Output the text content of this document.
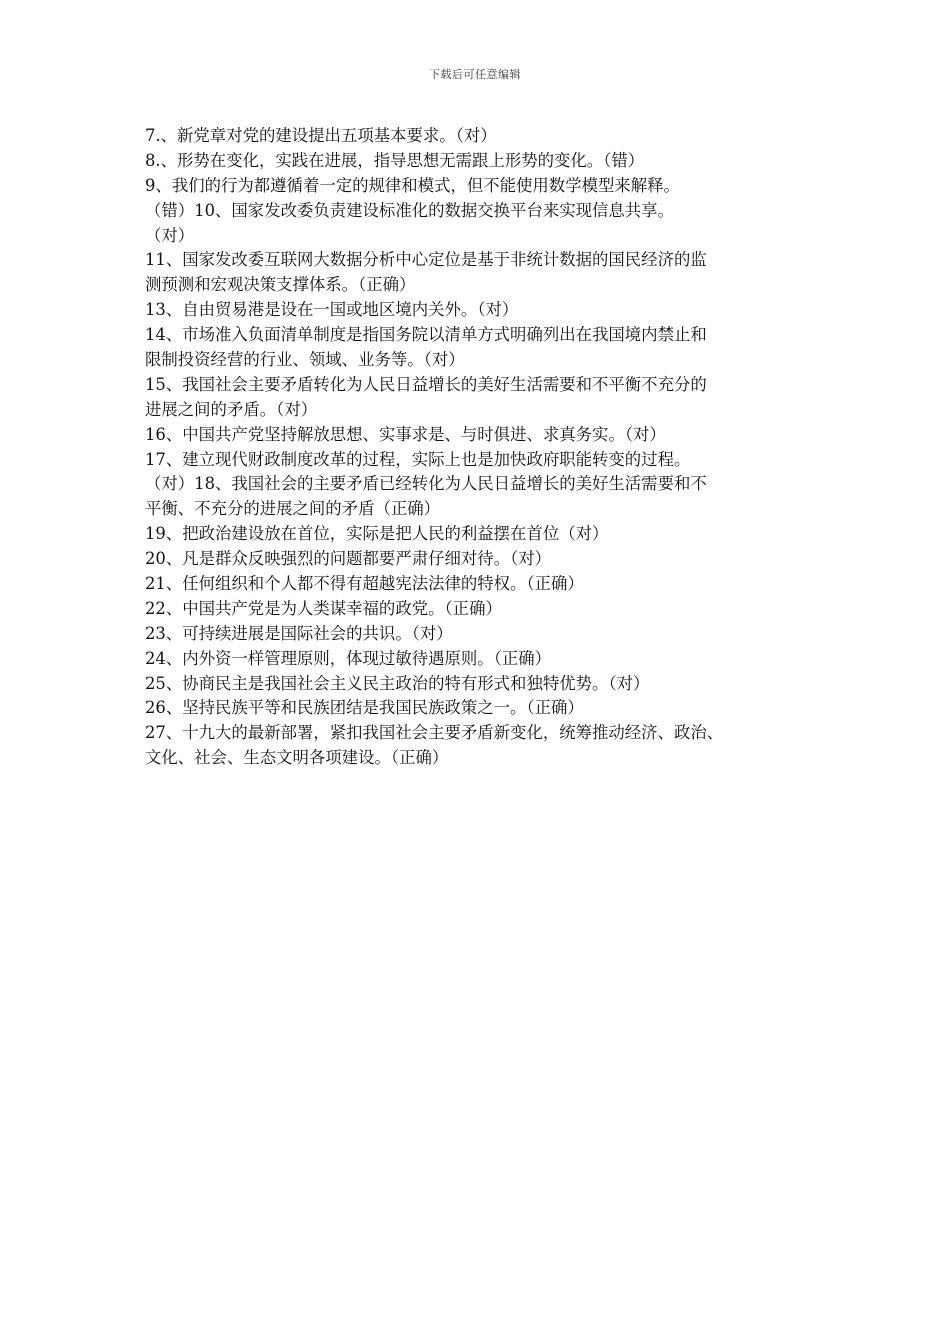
下载后可任意编辑
7.、新党章对党的建设提出五项基本要求。（对）
8.、形势在变化，实践在进展，指导思想无需跟上形势的变化。（错）
9、我们的行为都遵循着一定的规律和模式，但不能使用数学模型来解释。
（错）10、国家发改委负责建设标准化的数据交换平台来实现信息共享。
（对）
11、国家发改委互联网大数据分析中心定位是基于非统计数据的国民经济的监
测预测和宏观决策支撑体系。（正确）
13、自由贸易港是设在一国或地区境内关外。（对）
14、市场准入负面清单制度是指国务院以清单方式明确列出在我国境内禁止和
限制投资经营的行业、领域、业务等。（对）
15、我国社会主要矛盾转化为人民日益增长的美好生活需要和不平衡不充分的
进展之间的矛盾。（对）
16、中国共产党坚持解放思想、实事求是、与时俱进、求真务实。（对）
17、建立现代财政制度改革的过程，实际上也是加快政府职能转变的过程。
（对）18、我国社会的主要矛盾已经转化为人民日益增长的美好生活需要和不
平衡、不充分的进展之间的矛盾（正确）
19、把政治建设放在首位，实际是把人民的利益摆在首位（对）
20、凡是群众反映强烈的问题都要严肃仔细对待。（对）
21、任何组织和个人都不得有超越宪法法律的特权。（正确）
22、中国共产党是为人类谋幸福的政党。（正确）
23、可持续进展是国际社会的共识。（对）
24、内外资一样管理原则，体现过敏待遇原则。（正确）
25、协商民主是我国社会主义民主政治的特有形式和独特优势。（对）
26、坚持民族平等和民族团结是我国民族政策之一。（正确）
27、十九大的最新部署，紧扣我国社会主要矛盾新变化，统筹推动经济、政治、
文化、社会、生态文明各项建设。（正确）
